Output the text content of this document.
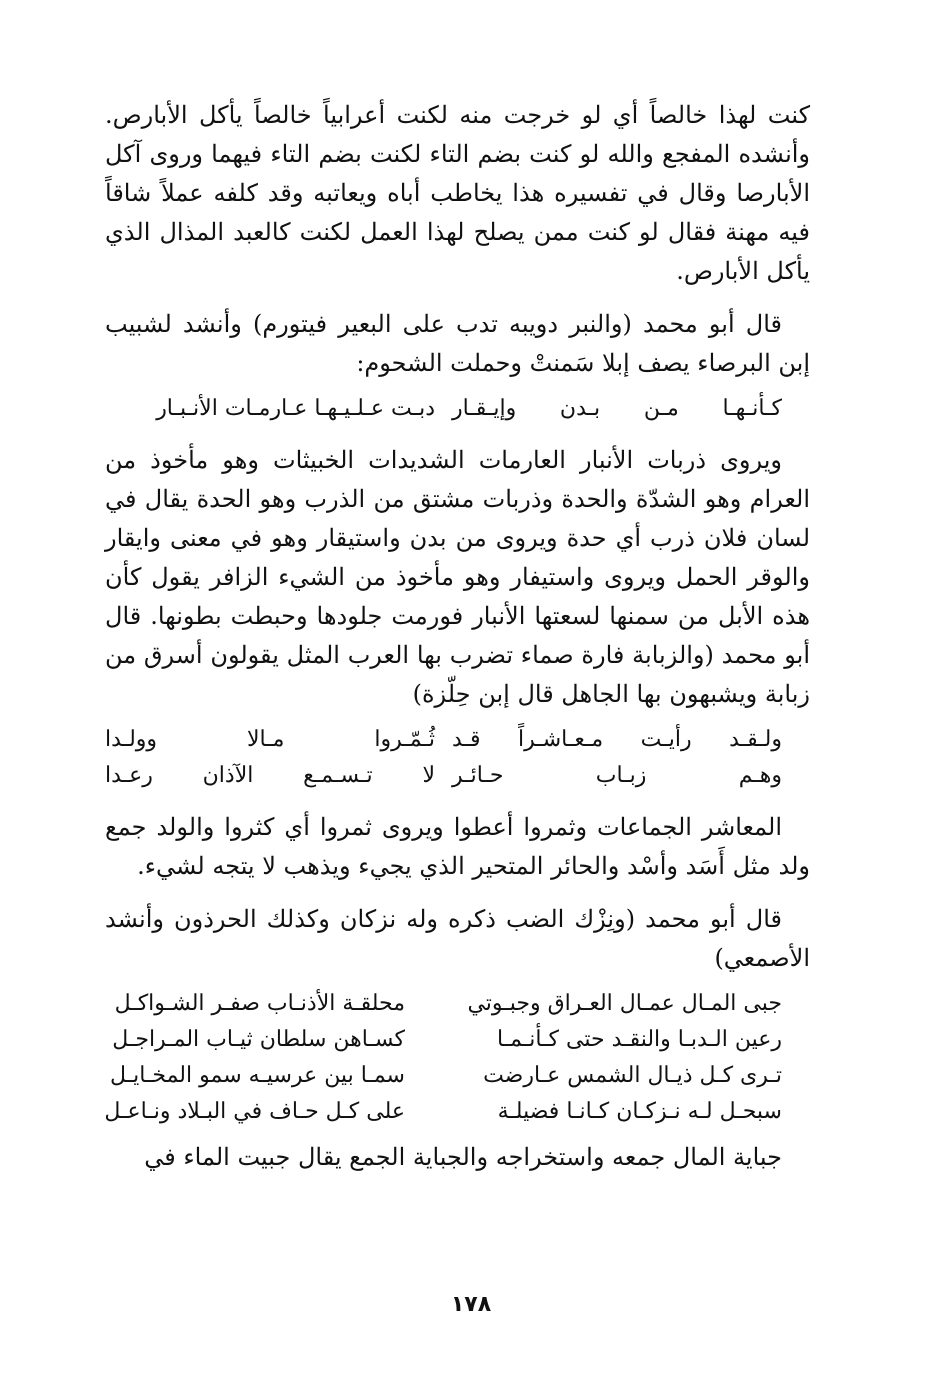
كنت لهذا خالصاً أي لو خرجت منه لكنت أعرابياً خالصاً يأكل الأبارص. وأنشده المفجع والله لو كنت بضم التاء لكنت بضم التاء فيهما وروى آكل الأبارصا وقال في تفسيره هذا يخاطب أباه ويعاتبه وقد كلفه عملاً شاقاً فيه مهنة فقال لو كنت ممن يصلح لهذا العمل لكنت كالعبد المذال الذي يأكل الأبارص.

قال أبو محمد (والنبر دويبه تدب على البعير فيتورم) وأنشد لشبيب إبن البرصاء يصف إبلا سَمنتْ وحملت الشحوم:

كـأنـهـا
مـن
بـدن
وإيـقـار
دبـت عـلـيـهـا عـارمـات الأنـبـار

ويروى ذربات الأنبار العارمات الشديدات الخبيثات وهو مأخوذ من العرام وهو الشدّة والحدة وذربات مشتق من الذرب وهو الحدة يقال في لسان فلان ذرب أي حدة ويروى من بدن واستيقار وهو في معنى وايقار والوقر الحمل ويروى واستيفار وهو مأخوذ من الشيء الزافر يقول كأن هذه الأبل من سمنها لسعتها الأنبار فورمت جلودها وحبطت بطونها. قال أبو محمد (والزبابة فارة صماء تضرب بها العرب المثل يقولون أسرق من زبابة ويشبهون بها الجاهل قال إبن حِلّزة)

ولـقـد
رأيـت
مـعـاشـراً
قـد
ثُـمّـروا
مـالا
وولـدا
وهـم
زبـاب
حـائـر
لا
تـسـمـع
الآذان
رعـدا

المعاشر الجماعات وثمروا أعطوا ويروى ثمروا أي كثروا والولد جمع ولد مثل أَسَد وأسْد والحائر المتحير الذي يجيء ويذهب لا يتجه لشيء.

قال أبو محمد (ونِزْك الضب ذكره وله نزكان وكذلك الحرذون وأنشد الأصمعي)

جبى المـال عمـال العـراق وجبـوتي
محلقـة الأذنـاب صفـر الشـواكـل
رعين الـدبـا والنقـد حتى كـأنـمـا
كسـاهن سلطان ثيـاب المـراجـل
تـرى كـل ذيـال الشمس عـارضت
سمـا بين عرسيـه سمو المخـايـل
سبحـل لـه نـزكـان كـانـا فضيلـة
على كـل حـاف في البـلاد ونـاعـل

جباية المال جمعه واستخراجه والجباية الجمع يقال جبيت الماء في

١٧٨
